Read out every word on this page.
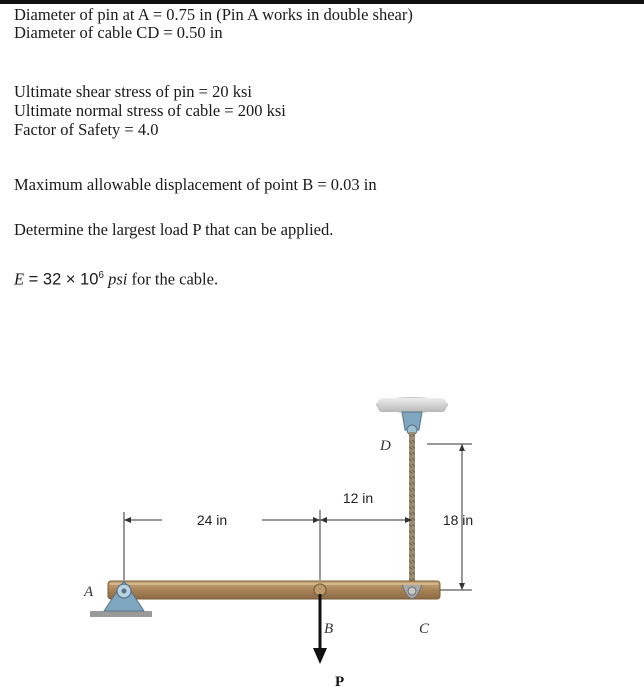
Diameter of pin at A = 0.75 in (Pin A works in double shear)
Diameter of cable CD = 0.50 in
Ultimate shear stress of pin = 20 ksi
Ultimate normal stress of cable = 200 ksi
Factor of Safety = 4.0
Maximum allowable displacement of point B = 0.03 in
Determine the largest load P that can be applied.
$E = 32 \times 10^6$ psi for the cable.
24 in
12 in
18 in
A
B
P
C
D
